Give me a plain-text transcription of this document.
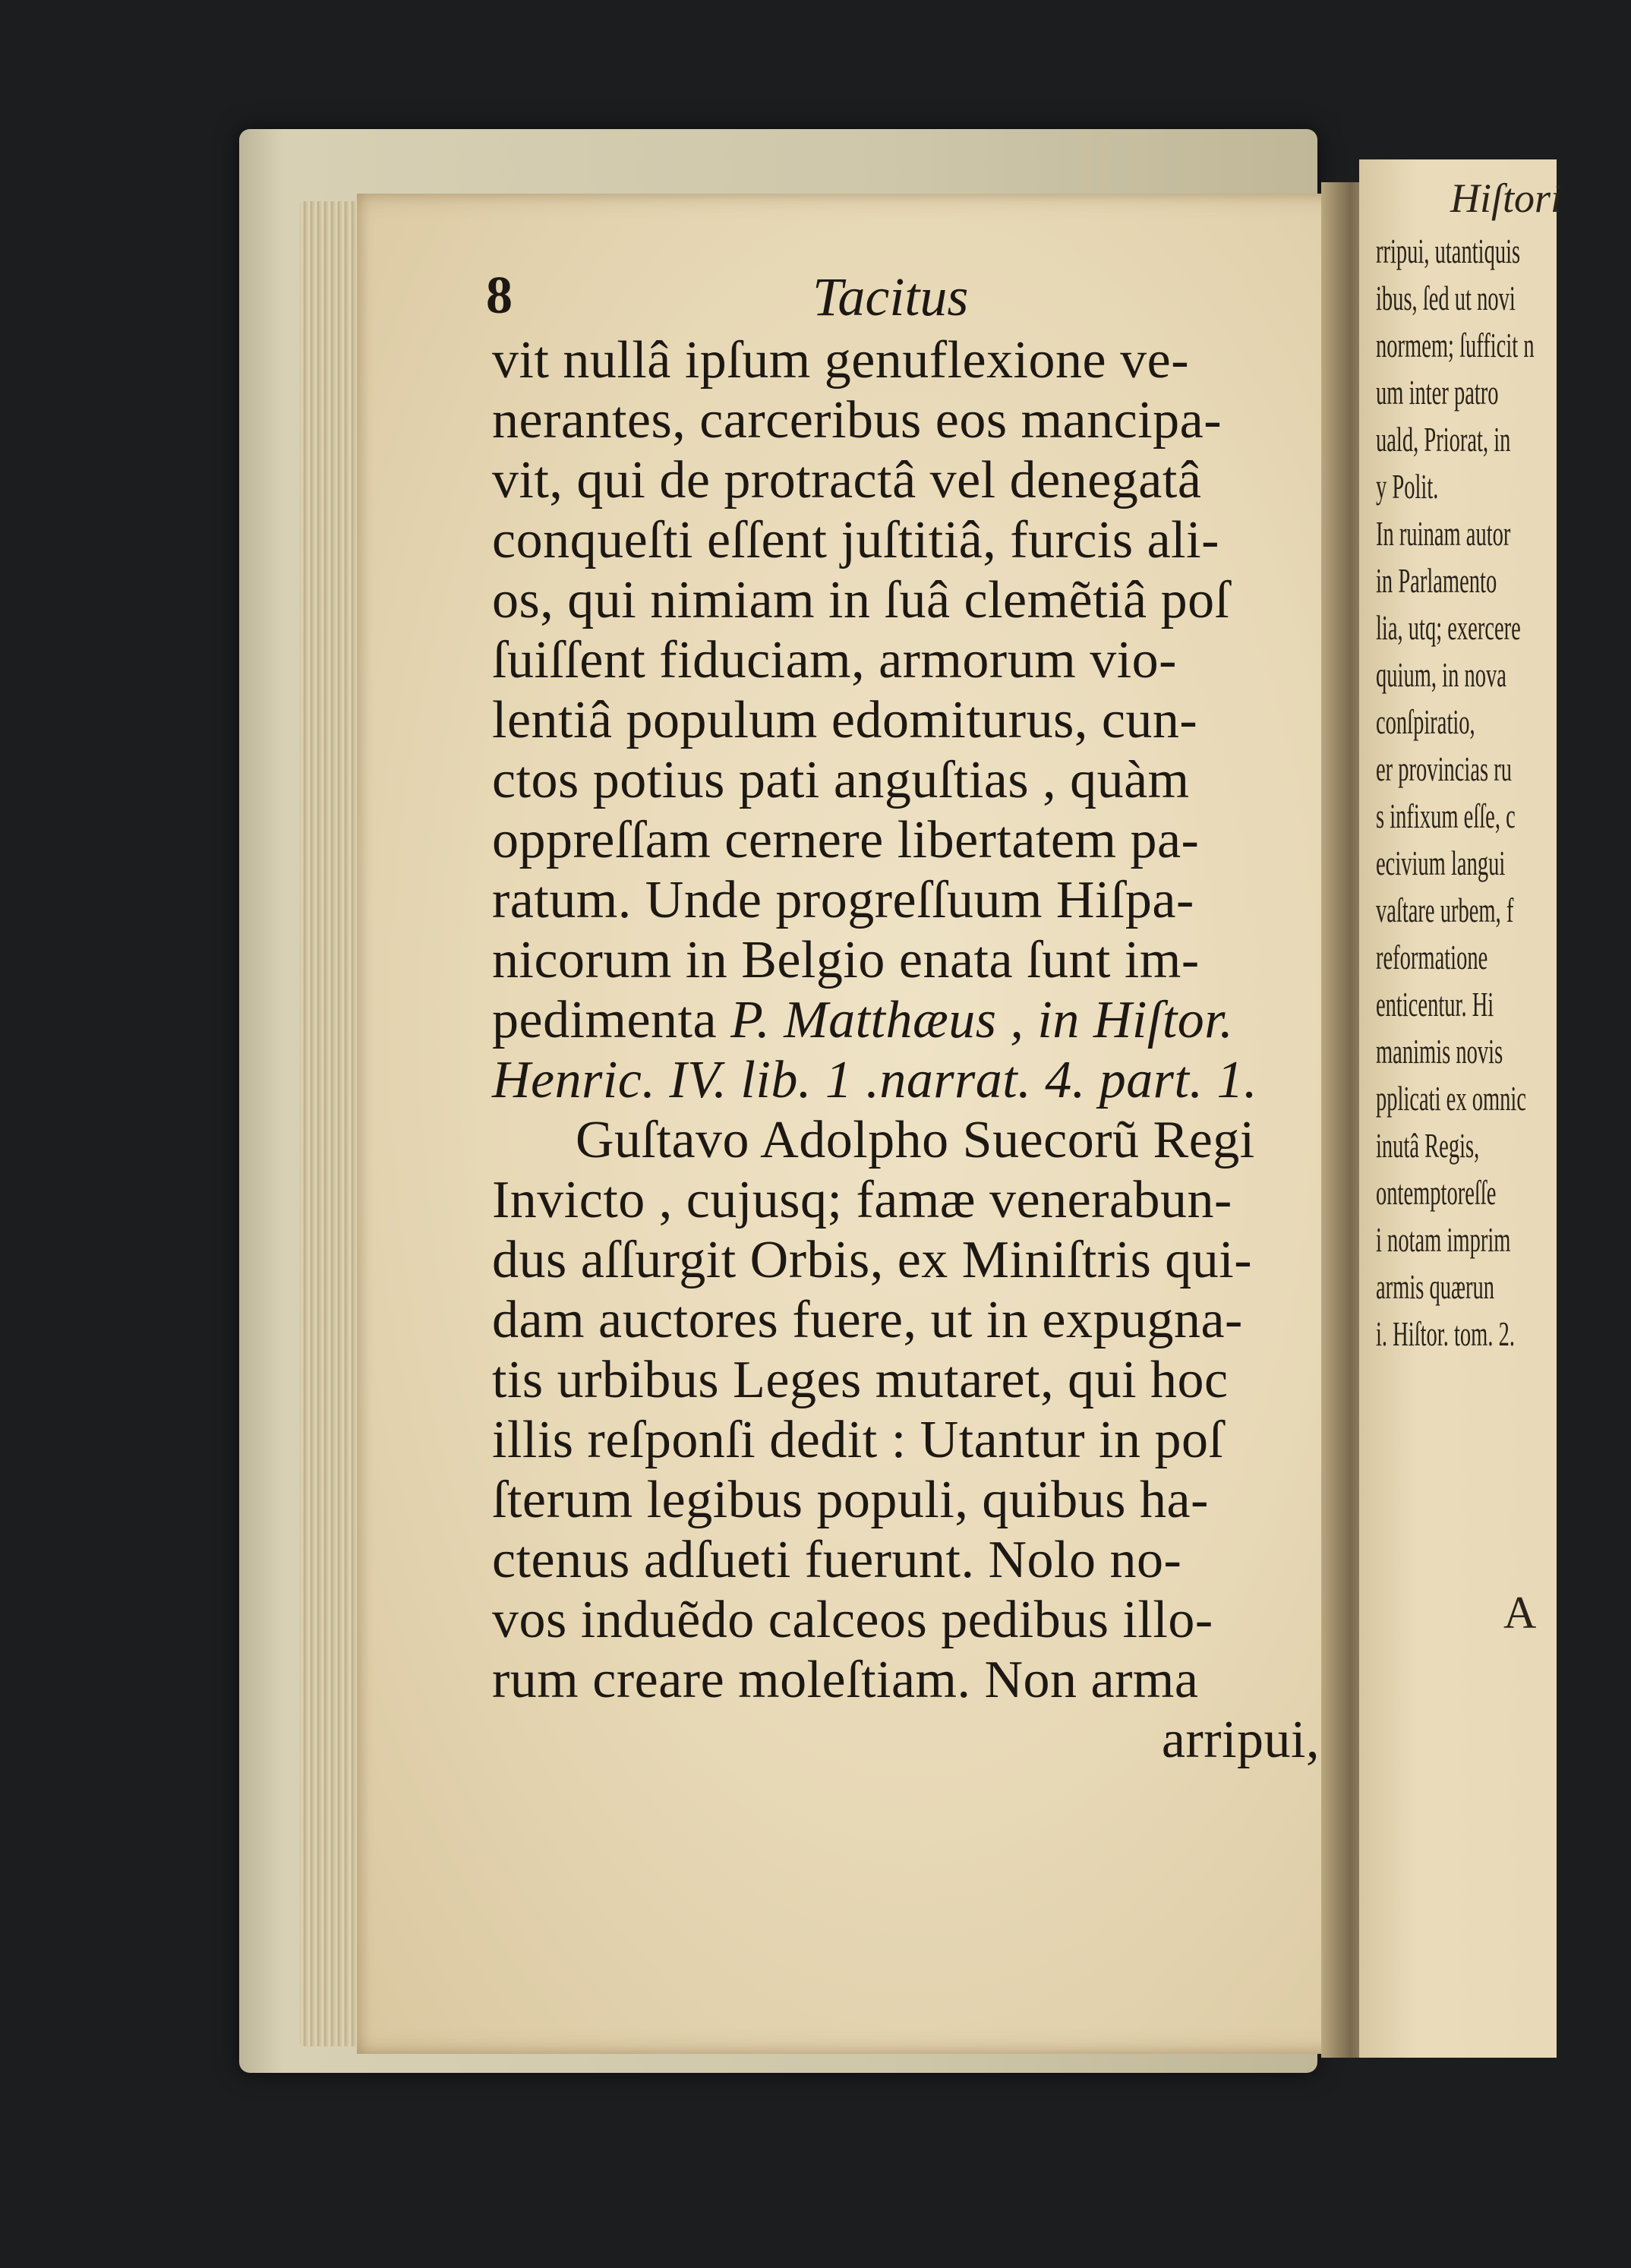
Hiſtori
rripui, utantiquis
ibus, ſed ut novi
normem; ſufficit n
um inter patro
uald, Priorat, in
y Polit.
In ruinam autor
in Parlamento
lia, utq; exercere
quium, in nova
conſpiratio,
er provincias ru
s infixum eſſe, c
ecivium langui
vaſtare urbem, f
reformatione
enticentur. Hi
manimis novis
pplicati ex omnic
inutâ Regis,
ontemptoreſſe
i notam imprim
armis quærun
i. Hiſtor. tom. 2.
A
8	Tacitus
vit nullâ ipſum genuflexione ve-
nerantes, carceribus eos mancipa-
vit, qui de protractâ vel denegatâ
conqueſti eſſent juſtitiâ, furcis ali-
os, qui nimiam in ſuâ clemẽtiâ poſ
ſuiſſent fiduciam, armorum vio-
lentiâ populum edomiturus, cun-
ctos potius pati anguſtias , quàm
oppreſſam cernere libertatem pa-
ratum. Unde progreſſuum Hiſpa-
nicorum in Belgio enata ſunt im-
pedimenta P. Matthæus , in Hiſtor.
Henric. IV. lib. 1 .narrat. 4. part. 1.
Guſtavo Adolpho Suecorũ Regi
Invicto , cujusq; famæ venerabun-
dus aſſurgit Orbis, ex Miniſtris qui-
dam auctores fuere, ut in expugna-
tis urbibus Leges mutaret, qui hoc
illis reſponſi dedit : Utantur in poſ
ſterum legibus populi, quibus ha-
ctenus adſueti fuerunt. Nolo no-
vos induẽdo calceos pedibus illo-
rum creare moleſtiam. Non arma
arripui,
